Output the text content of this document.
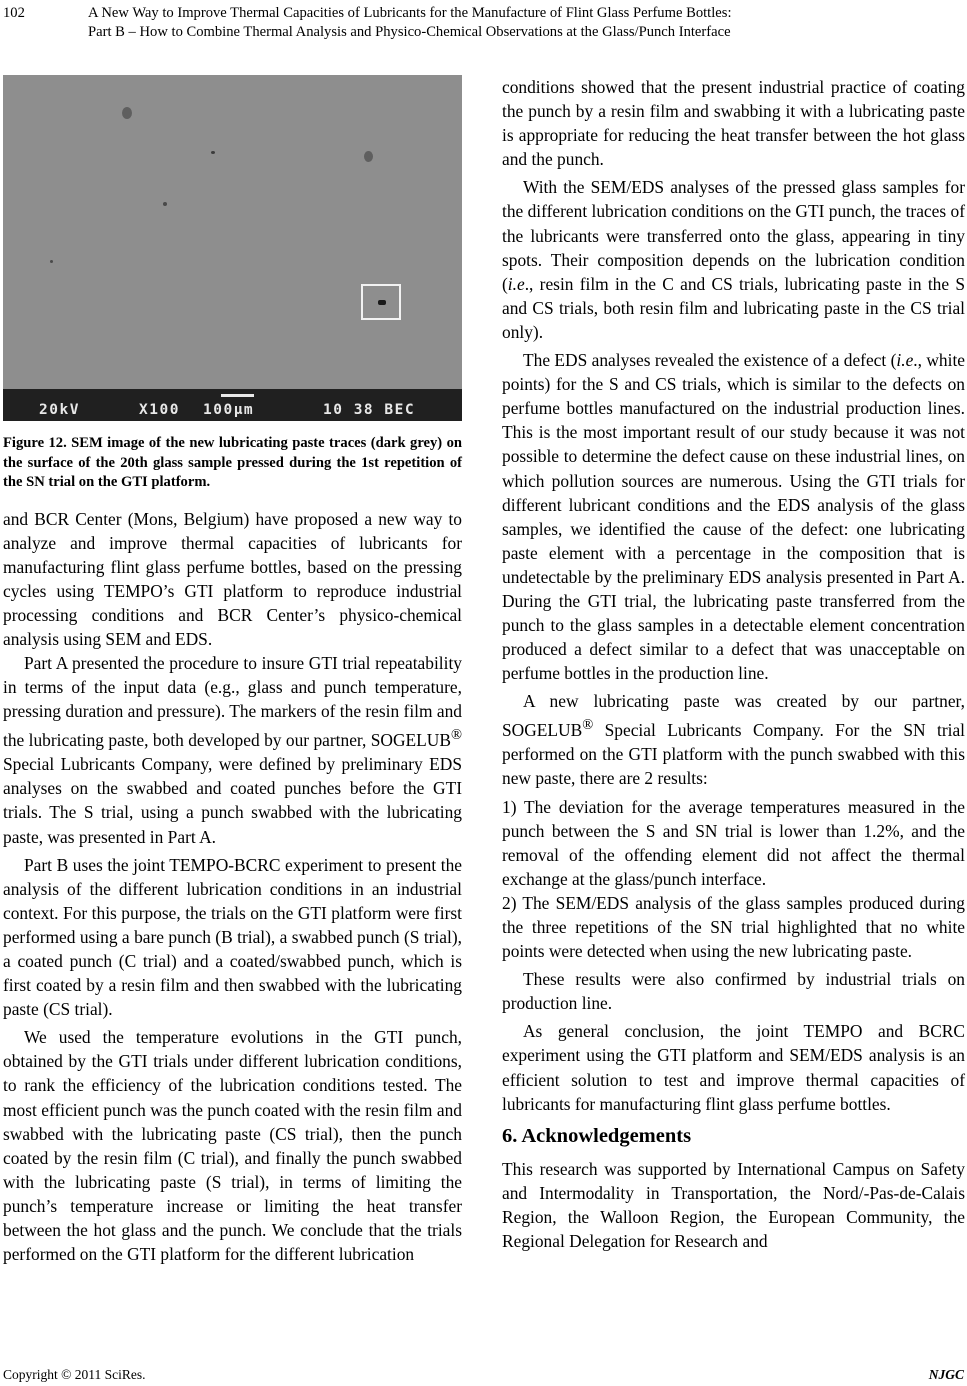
102	A New Way to Improve Thermal Capacities of Lubricants for the Manufacture of Flint Glass Perfume Bottles:
Part B – How to Combine Thermal Analysis and Physico-Chemical Observations at the Glass/Punch Interface
20kV	X100 100μm	10 38 BEC
Figure 12. SEM image of the new lubricating paste traces (dark grey) on the surface of the 20th glass sample pressed during the 1st repetition of the SN trial on the GTI platform.

and BCR Center (Mons, Belgium) have proposed a new way to analyze and improve thermal capacities of lubricants for manufacturing flint glass perfume bottles, based on the pressing cycles using TEMPO’s GTI platform to reproduce industrial processing conditions and BCR Center’s physico-chemical analysis using SEM and EDS.

Part A presented the procedure to insure GTI trial repeatability in terms of the input data (e.g., glass and punch temperature, pressing duration and pressure). The markers of the resin film and the lubricating paste, both developed by our partner, SOGELUB® Special Lubricants Company, were defined by preliminary EDS analyses on the swabbed and coated punches before the GTI trials. The S trial, using a punch swabbed with the lubricating paste, was presented in Part A.

Part B uses the joint TEMPO-BCRC experiment to present the analysis of the different lubrication conditions in an industrial context. For this purpose, the trials on the GTI platform were first performed using a bare punch (B trial), a swabbed punch (S trial), a coated punch (C trial) and a coated/swabbed punch, which is first coated by a resin film and then swabbed with the lubricating paste (CS trial).

We used the temperature evolutions in the GTI punch, obtained by the GTI trials under different lubrication conditions, to rank the efficiency of the lubrication conditions tested. The most efficient punch was the punch coated with the resin film and swabbed with the lubricating paste (CS trial), then the punch coated by the resin film (C trial), and finally the punch swabbed with the lubricating paste (S trial), in terms of limiting the punch’s temperature increase or limiting the heat transfer between the hot glass and the punch. We conclude that the trials performed on the GTI platform for the different lubrication

conditions showed that the present industrial practice of coating the punch by a resin film and swabbing it with a lubricating paste is appropriate for reducing the heat transfer between the hot glass and the punch.

With the SEM/EDS analyses of the pressed glass samples for the different lubrication conditions on the GTI punch, the traces of the lubricants were transferred onto the glass, appearing in tiny spots. Their composition depends on the lubrication condition (i.e., resin film in the C and CS trials, lubricating paste in the S and CS trials, both resin film and lubricating paste in the CS trial only).

The EDS analyses revealed the existence of a defect (i.e., white points) for the S and CS trials, which is similar to the defects on perfume bottles manufactured on the industrial production lines. This is the most important result of our study because it was not possible to determine the defect cause on these industrial lines, on which pollution sources are numerous. Using the GTI trials for different lubricant conditions and the EDS analysis of the glass samples, we identified the cause of the defect: one lubricating paste element with a percentage in the composition that is undetectable by the preliminary EDS analysis presented in Part A. During the GTI trial, the lubricating paste transferred from the punch to the glass samples in a detectable element concentration produced a defect similar to a defect that was unacceptable on perfume bottles in the production line.

A new lubricating paste was created by our partner, SOGELUB® Special Lubricants Company. For the SN trial performed on the GTI platform with the punch swabbed with this new paste, there are 2 results:

1) The deviation for the average temperatures measured in the punch between the S and SN trial is lower than 1.2%, and the removal of the offending element did not affect the thermal exchange at the glass/punch interface.

2) The SEM/EDS analysis of the glass samples produced during the three repetitions of the SN trial highlighted that no white points were detected when using the new lubricating paste.

These results were also confirmed by industrial trials on production line.

As general conclusion, the joint TEMPO and BCRC experiment using the GTI platform and SEM/EDS analysis is an efficient solution to test and improve thermal capacities of lubricants for manufacturing flint glass perfume bottles.

6. Acknowledgements

This research was supported by International Campus on Safety and Intermodality in Transportation, the Nord/-Pas-de-Calais Region, the Walloon Region, the European Community, the Regional Delegation for Research and

Copyright © 2011 SciRes.	NJGC
